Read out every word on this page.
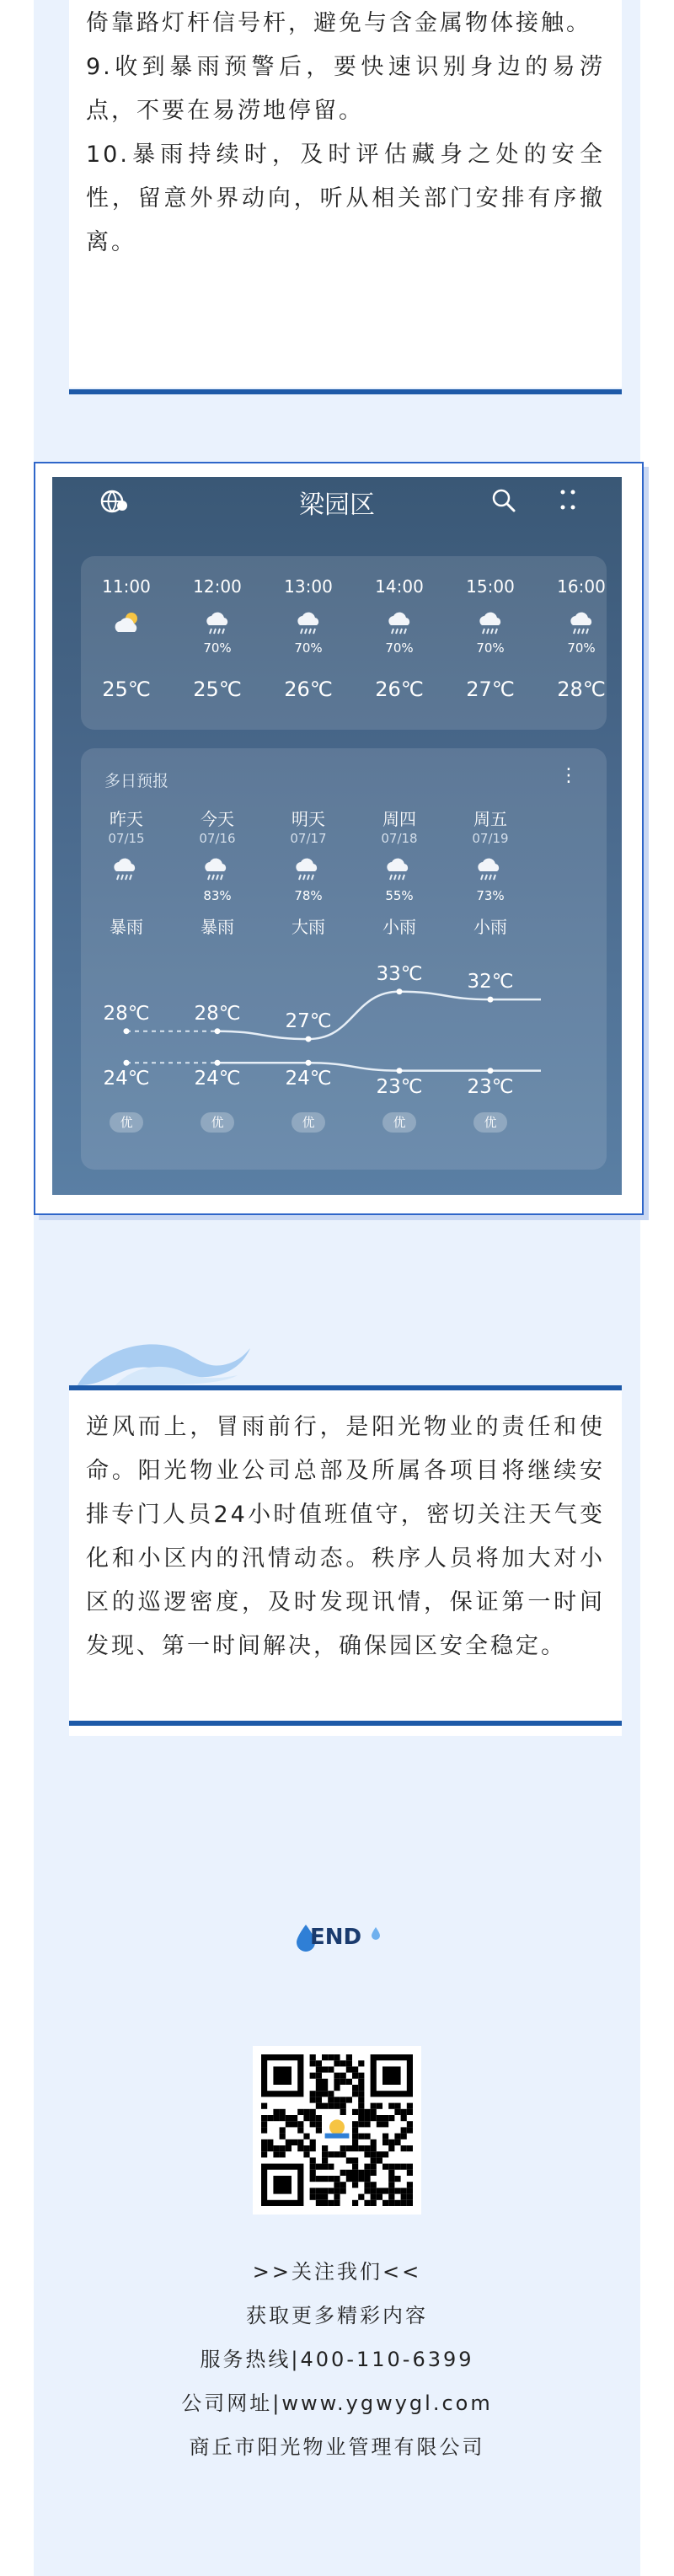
倚靠路灯杆信号杆，避免与含金属物体接触。

9.收到暴雨预警后，要快速识别身边的易涝点，不要在易涝地停留。

10.暴雨持续时，及时评估藏身之处的安全性，留意外界动向，听从相关部门安排有序撤离。

梁园区
11:00
25℃
12:00
70%
25℃
13:00
70%
26℃
14:00
70%
26℃
15:00
70%
27℃
16:00
70%
28℃
多日预报	⋮
昨天
07/15
暴雨
28℃
24℃
优
今天
07/16
83%
暴雨
28℃
24℃
优
明天
07/17
78%
大雨
27℃
24℃
优
周四
07/18
55%
小雨
33℃
23℃
优
周五
07/19
73%
小雨
32℃
23℃
优

逆风而上，冒雨前行，是阳光物业的责任和使命。阳光物业公司总部及所属各项目将继续安排专门人员24小时值班值守，密切关注天气变化和小区内的汛情动态。秩序人员将加大对小区的巡逻密度，及时发现讯情，保证第一时间发现、第一时间解决，确保园区安全稳定。

END
>>关注我们<<
获取更多精彩内容
服务热线|400-110-6399
公司网址|www.ygwygl.com
商丘市阳光物业管理有限公司
